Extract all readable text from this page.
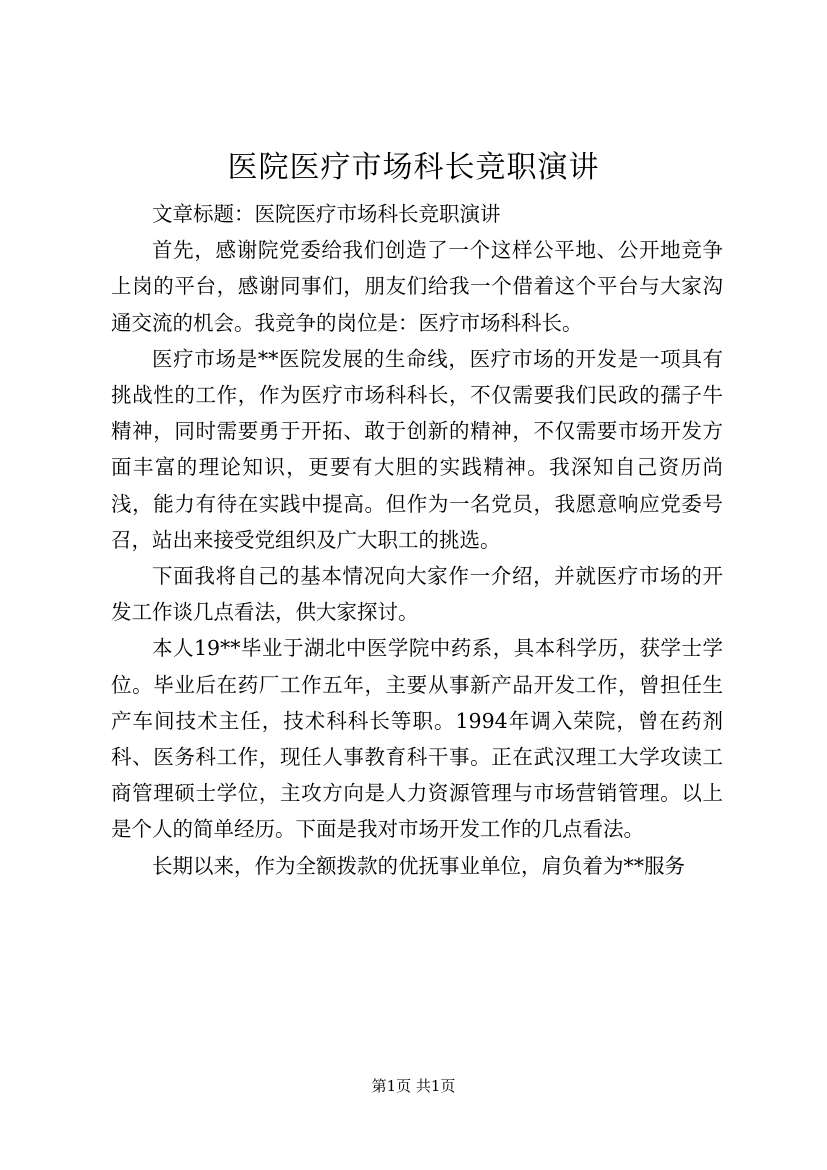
医院医疗市场科长竞职演讲

文章标题：医院医疗市场科长竞职演讲

首先，感谢院党委给我们创造了一个这样公平地、公开地竞争上岗的平台，感谢同事们，朋友们给我一个借着这个平台与大家沟通交流的机会。我竞争的岗位是：医疗市场科科长。

医疗市场是**医院发展的生命线，医疗市场的开发是一项具有挑战性的工作，作为医疗市场科科长，不仅需要我们民政的孺子牛精神，同时需要勇于开拓、敢于创新的精神，不仅需要市场开发方面丰富的理论知识，更要有大胆的实践精神。我深知自己资历尚浅，能力有待在实践中提高。但作为一名党员，我愿意响应党委号召，站出来接受党组织及广大职工的挑选。

下面我将自己的基本情况向大家作一介绍，并就医疗市场的开发工作谈几点看法，供大家探讨。

本人19**毕业于湖北中医学院中药系，具本科学历，获学士学位。毕业后在药厂工作五年，主要从事新产品开发工作，曾担任生产车间技术主任，技术科科长等职。1994年调入荣院，曾在药剂科、医务科工作，现任人事教育科干事。正在武汉理工大学攻读工商管理硕士学位，主攻方向是人力资源管理与市场营销管理。以上是个人的简单经历。下面是我对市场开发工作的几点看法。

长期以来，作为全额拨款的优抚事业单位，肩负着为**服务

第1页 共1页
